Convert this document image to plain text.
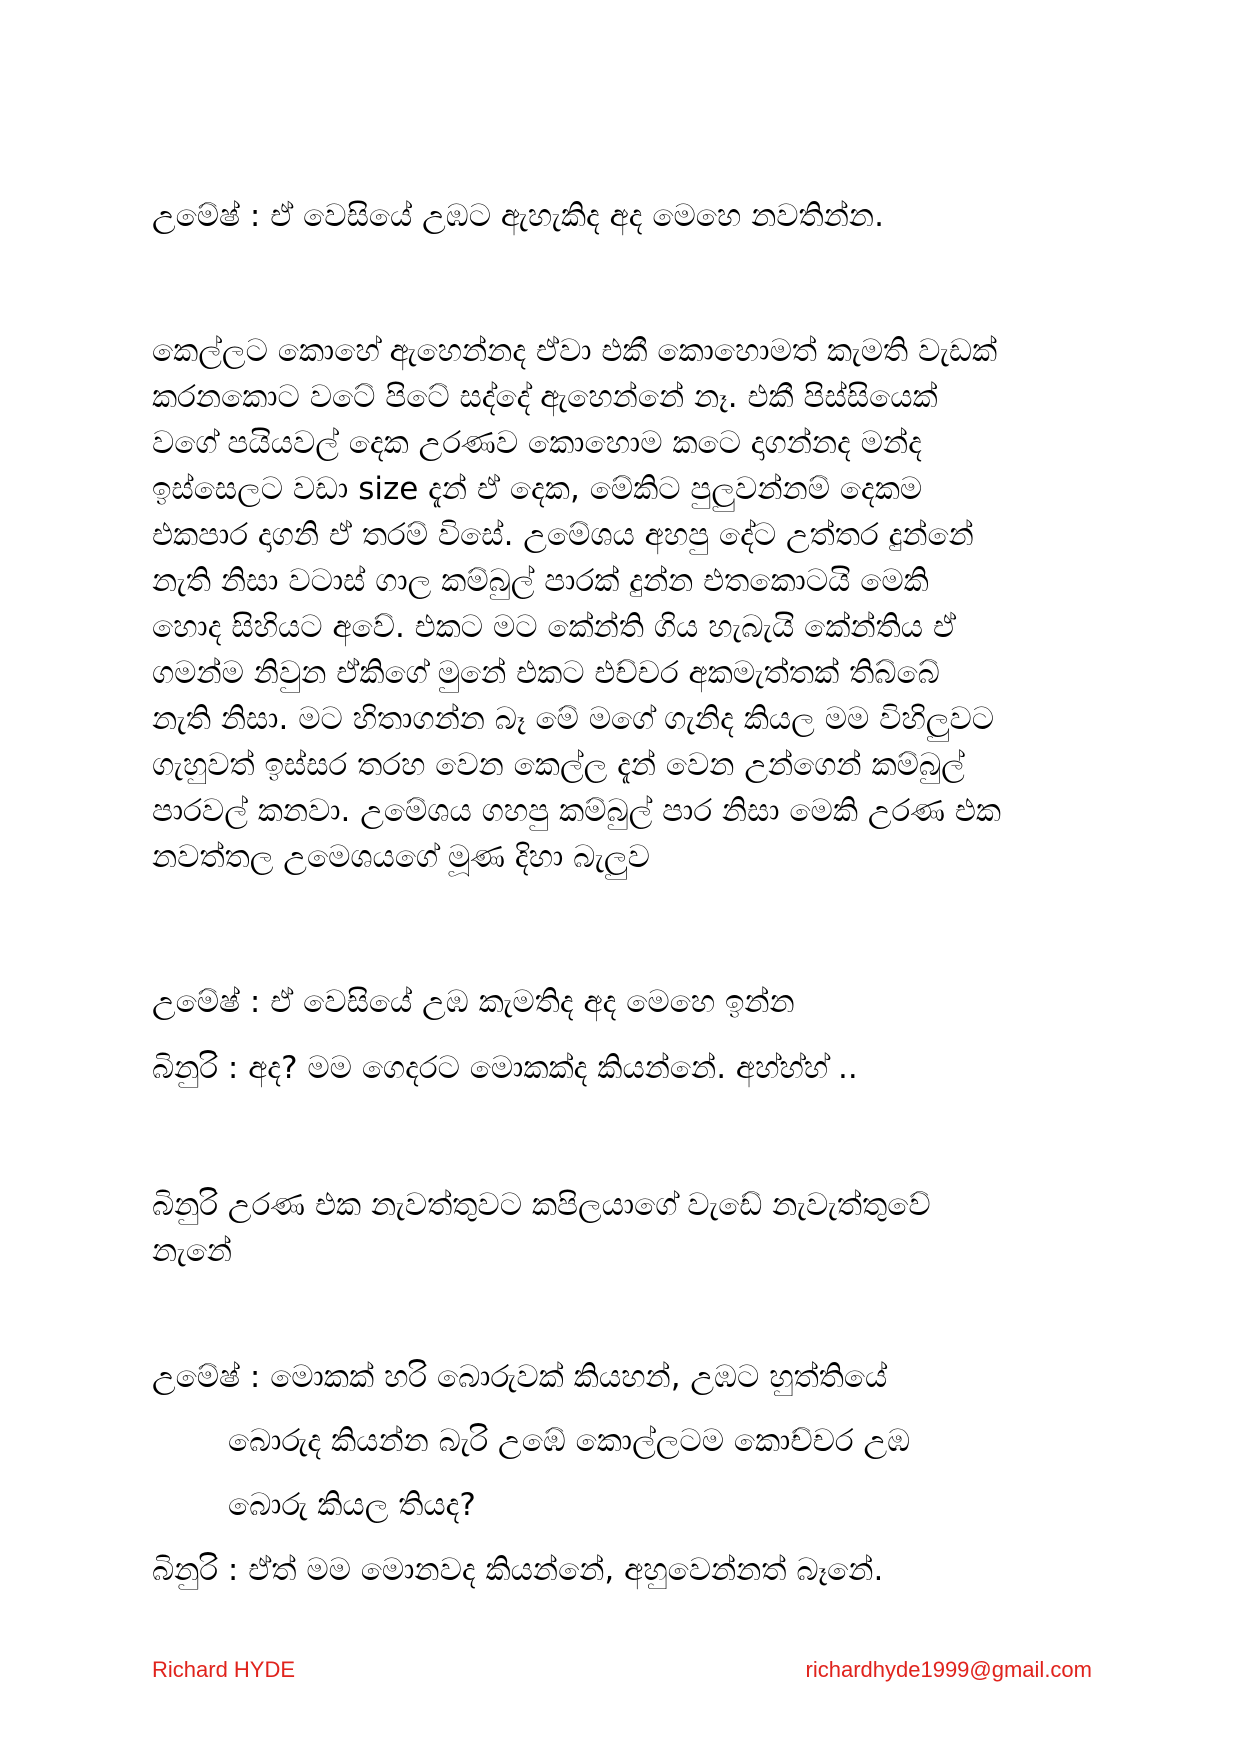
උමේෂ් : ඒ වෙසියේ උඹට ඇහැකිද අද මෙහෙ නවතින්න.
කෙල්ලට කොහේ ඇහෙන්නද ඒවා එකී කොහොමත් කැමති වැඩක්
කරනකොට වටේ පිටේ සද්දේ ඇහෙන්නේ නෑ. එකී පිස්සියෙක්
වගේ පයියවල් දෙක උරණව කොහොම කටෙ දාගන්නද මන්ද
ඉස්සෙලට වඩා size දැන් ඒ දෙක, මේකිට පුලුවන්නම් දෙකම
එකපාර දාගනි ඒ තරම් විසේ. උමේශය අහපු දේට උත්තර දුන්නේ
නැති නිසා වටාස් ගාල කම්බුල් පාරක් දුන්න එතකොටයි මෙකි
හොද සිහියට අවේ. එකට මට කේන්ති ගිය හැබැයි කේන්තිය ඒ
ගමන්ම නිවුන ඒකිගේ මුනේ එකට එච්චර අකමැත්තක් තිබ්බේ
නැති නිසා. මට හිතාගන්න බෑ මේ මගේ ගැනිද කියල මම විහිලුවට
ගැහුවත් ඉස්සර තරහ වෙන කෙල්ල දැන් වෙන උන්ගෙන් කම්බුල්
පාරවල් කනවා. උමේශය ගහපු කම්බුල් පාර නිසා මෙකි උරණ එක
නවත්තල උමෙශයගේ මූණ දිහා බැලුව
උමේෂ් : ඒ වෙසියේ උඹ කැමතිද අද මෙහෙ ඉන්න
බිනුරි : අද? මම ගෙදරට මොකක්ද කියන්නේ. අහ්හ්හ් ..
බිනුරි උරණ එක නැවත්තුවට කපිලයාගේ වැඩේ නැවැත්තුවේ
නැනේ
උමේෂ් : මොකක් හරි බොරුවක් කියහන්, උඹට හුත්තියේ
බොරුද කියන්න බැරි උඹේ කොල්ලටම කොච්චර උඹ
බොරු කියල තියද?
බිනුරි : ඒත් මම මොනවද කියන්නේ, අහුවෙන්නත් බෑනේ.
Richard HYDE	richardhyde1999@gmail.com
